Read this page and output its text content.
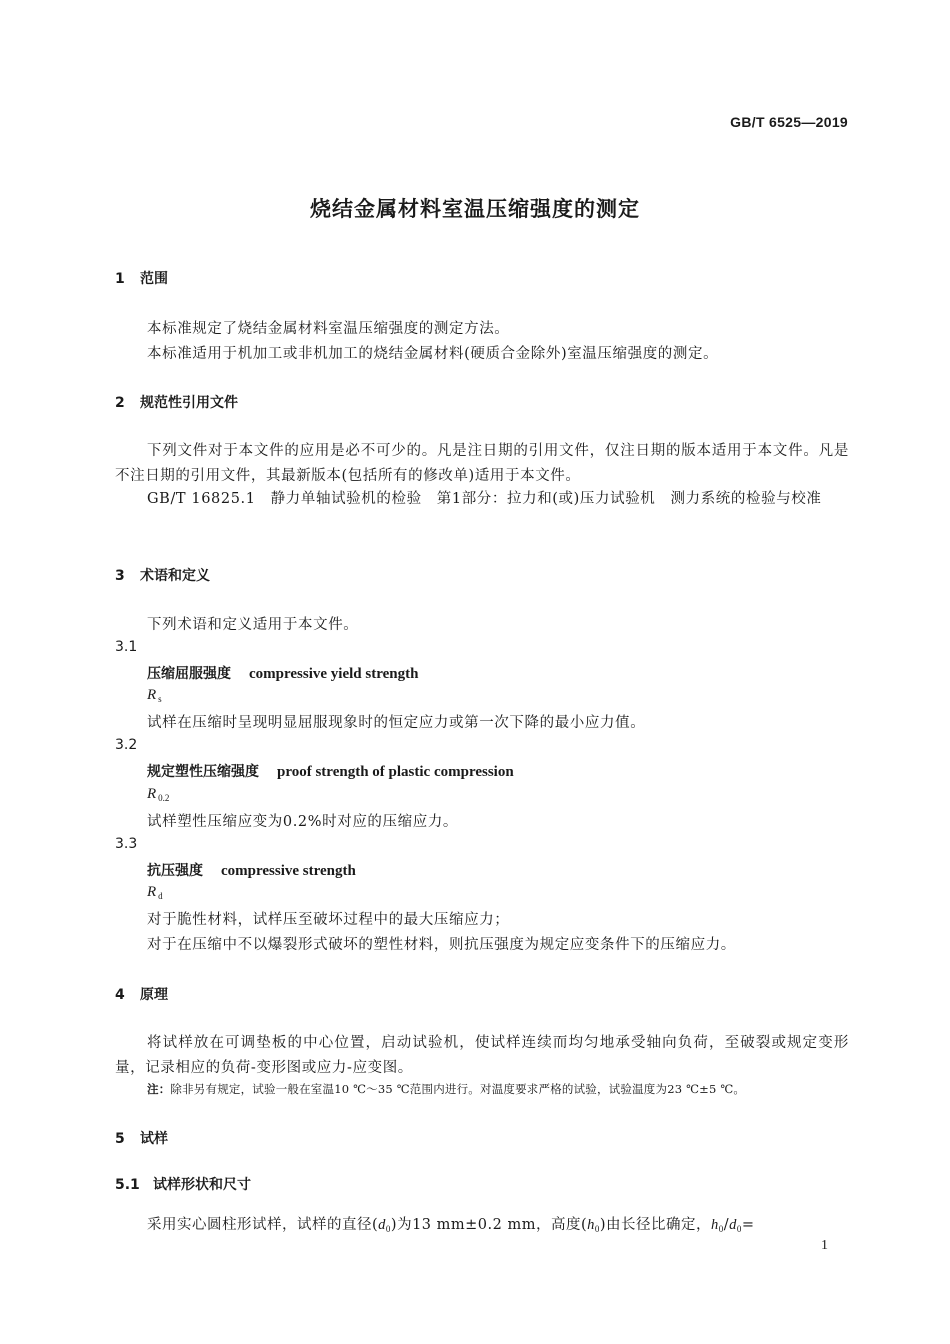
GB/T 6525—2019
烧结金属材料室温压缩强度的测定
1 范围
本标准规定了烧结金属材料室温压缩强度的测定方法。
本标准适用于机加工或非机加工的烧结金属材料(硬质合金除外)室温压缩强度的测定。
2 规范性引用文件
下列文件对于本文件的应用是必不可少的。凡是注日期的引用文件，仅注日期的版本适用于本文件。凡是不注日期的引用文件，其最新版本(包括所有的修改单)适用于本文件。
GB/T 16825.1　静力单轴试验机的检验　第1部分：拉力和(或)压力试验机　测力系统的检验与校准
3 术语和定义
下列术语和定义适用于本文件。
3.1
压缩屈服强度 compressive yield strength
R $_s$
试样在压缩时呈现明显屈服现象时的恒定应力或第一次下降的最小应力值。
3.2
规定塑性压缩强度 proof strength of plastic compression
R $_{0.2}$
试样塑性压缩应变为0.2%时对应的压缩应力。
3.3
抗压强度 compressive strength
R $_d$
对于脆性材料，试样压至破坏过程中的最大压缩应力；
对于在压缩中不以爆裂形式破坏的塑性材料，则抗压强度为规定应变条件下的压缩应力。
4 原理
将试样放在可调垫板的中心位置，启动试验机，使试样连续而均匀地承受轴向负荷，至破裂或规定变形量，记录相应的负荷-变形图或应力-应变图。
注：除非另有规定，试验一般在室温10 ℃～35 ℃范围内进行。对温度要求严格的试验，试验温度为23 ℃±5 ℃。
5 试样
5.1 试样形状和尺寸
采用实心圆柱形试样，试样的直径$(d_0)$为13 mm±0.2 mm，高度$(h_0)$由长径比确定，$h_0/d_0=$
1
